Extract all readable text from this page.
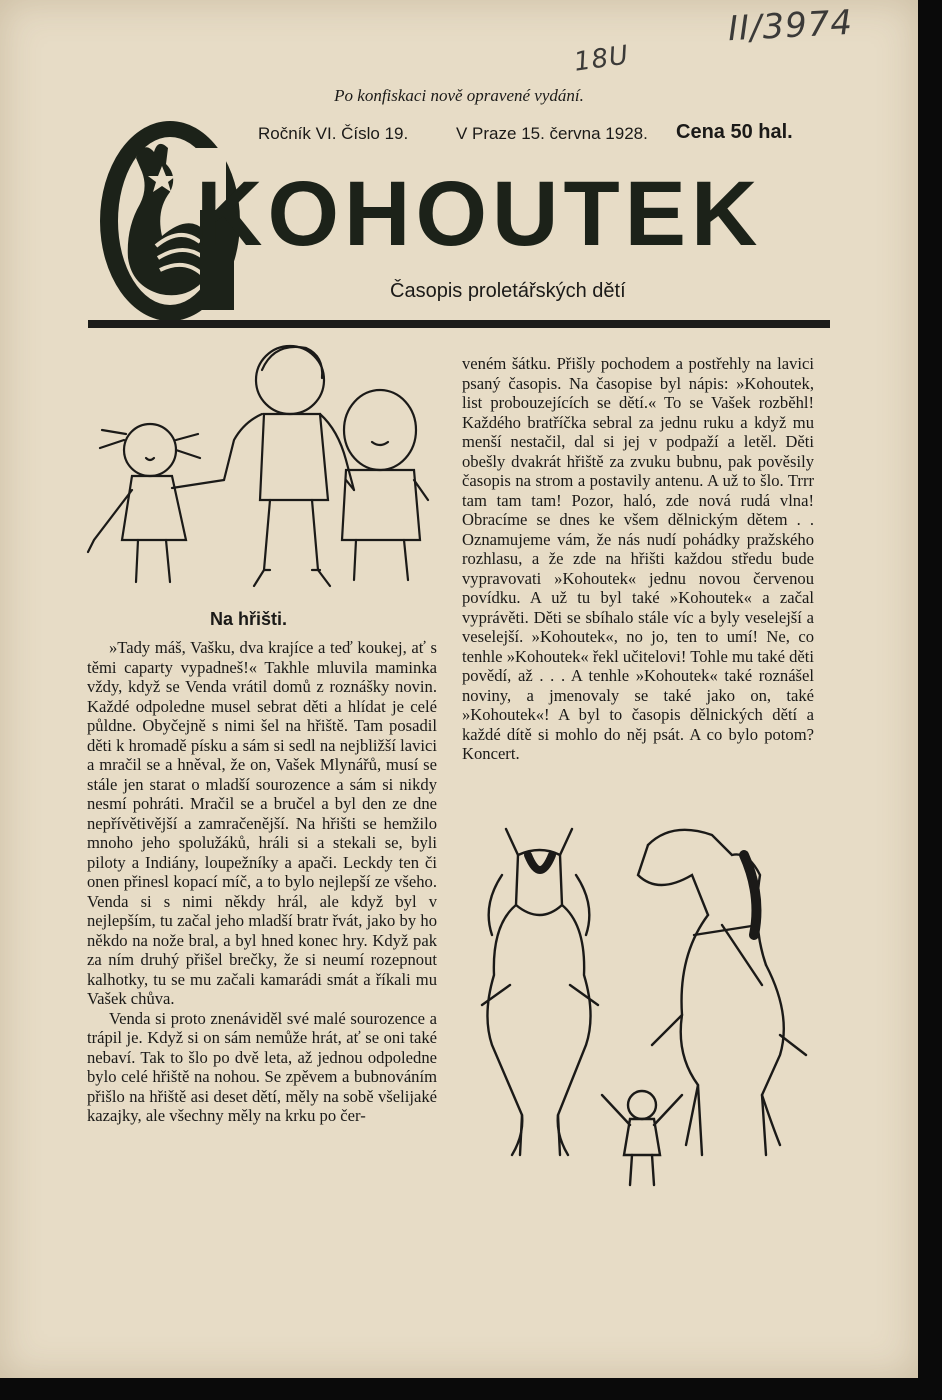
II/3974
18U
Po konfiskaci nově opravené vydání.
Ročník VI. Číslo 19.	V Praze 15. června 1928. Cena 50 hal.
KOHOUTEK
Časopis proletářských dětí
Na hřišti.

»Tady máš, Vašku, dva krajíce a teď koukej, ať s těmi caparty vypadneš!« Takhle mluvila maminka vždy, když se Venda vrátil domů z roznášky novin. Každé odpoledne musel sebrat děti a hlídat je celé půldne. Obyčejně s nimi šel na hřiště. Tam posadil děti k hromadě písku a sám si sedl na nejbližší lavici a mračil se a hněval, že on, Vašek Mlynářů, musí se stále jen starat o mladší sourozence a sám si nikdy nesmí pohráti. Mračil se a bručel a byl den ze dne nepřívětivější a zamračenější. Na hřišti se hemžilo mnoho jeho spolužáků, hráli si a stekali se, byli piloty a Indiány, loupežníky a apači. Leckdy ten či onen přinesl kopací míč, a to bylo nejlepší ze všeho. Venda si s nimi někdy hrál, ale když byl v nejlepším, tu začal jeho mladší bratr řvát, jako by ho někdo na nože bral, a byl hned konec hry. Když pak za ním druhý přišel brečky, že si neumí rozepnout kalhotky, tu se mu začali kamarádi smát a říkali mu Vašek chůva.

Venda si proto znenáviděl své malé sourozence a trápil je. Když si on sám nemůže hrát, ať se oni také nebaví. Tak to šlo po dvě leta, až jednou odpoledne bylo celé hřiště na nohou. Se zpěvem a bubnováním přišlo na hřiště asi deset dětí, měly na sobě všelijaké kazajky, ale všechny měly na krku po čer-

veném šátku. Přišly pochodem a postřehly na lavici psaný časopis. Na časopise byl nápis: »Kohoutek, list probouzejících se dětí.« To se Vašek rozběhl! Každého bratříčka sebral za jednu ruku a když mu menší nestačil, dal si jej v podpaží a letěl. Děti obešly dvakrát hřiště za zvuku bubnu, pak pověsily časopis na strom a postavily antenu. A už to šlo. Trrr tam tam tam! Pozor, haló, zde nová rudá vlna! Obracíme se dnes ke všem dělnickým dětem . . Oznamujeme vám, že nás nudí pohádky pražského rozhlasu, a že zde na hřišti každou středu bude vypravovati »Kohoutek« jednu novou červenou povídku. A už tu byl také »Kohoutek« a začal vyprávěti. Děti se sbíhalo stále víc a byly veselejší a veselejší. »Kohoutek«, no jo, ten to umí! Ne, co tenhle »Kohoutek« řekl učitelovi! Tohle mu také děti povědí, až . . . A tenhle »Kohoutek« také roznášel noviny, a jmenovaly se také jako on, také »Kohoutek«! A byl to časopis dělnických dětí a každé dítě si mohlo do něj psát. A co bylo potom? Koncert.
